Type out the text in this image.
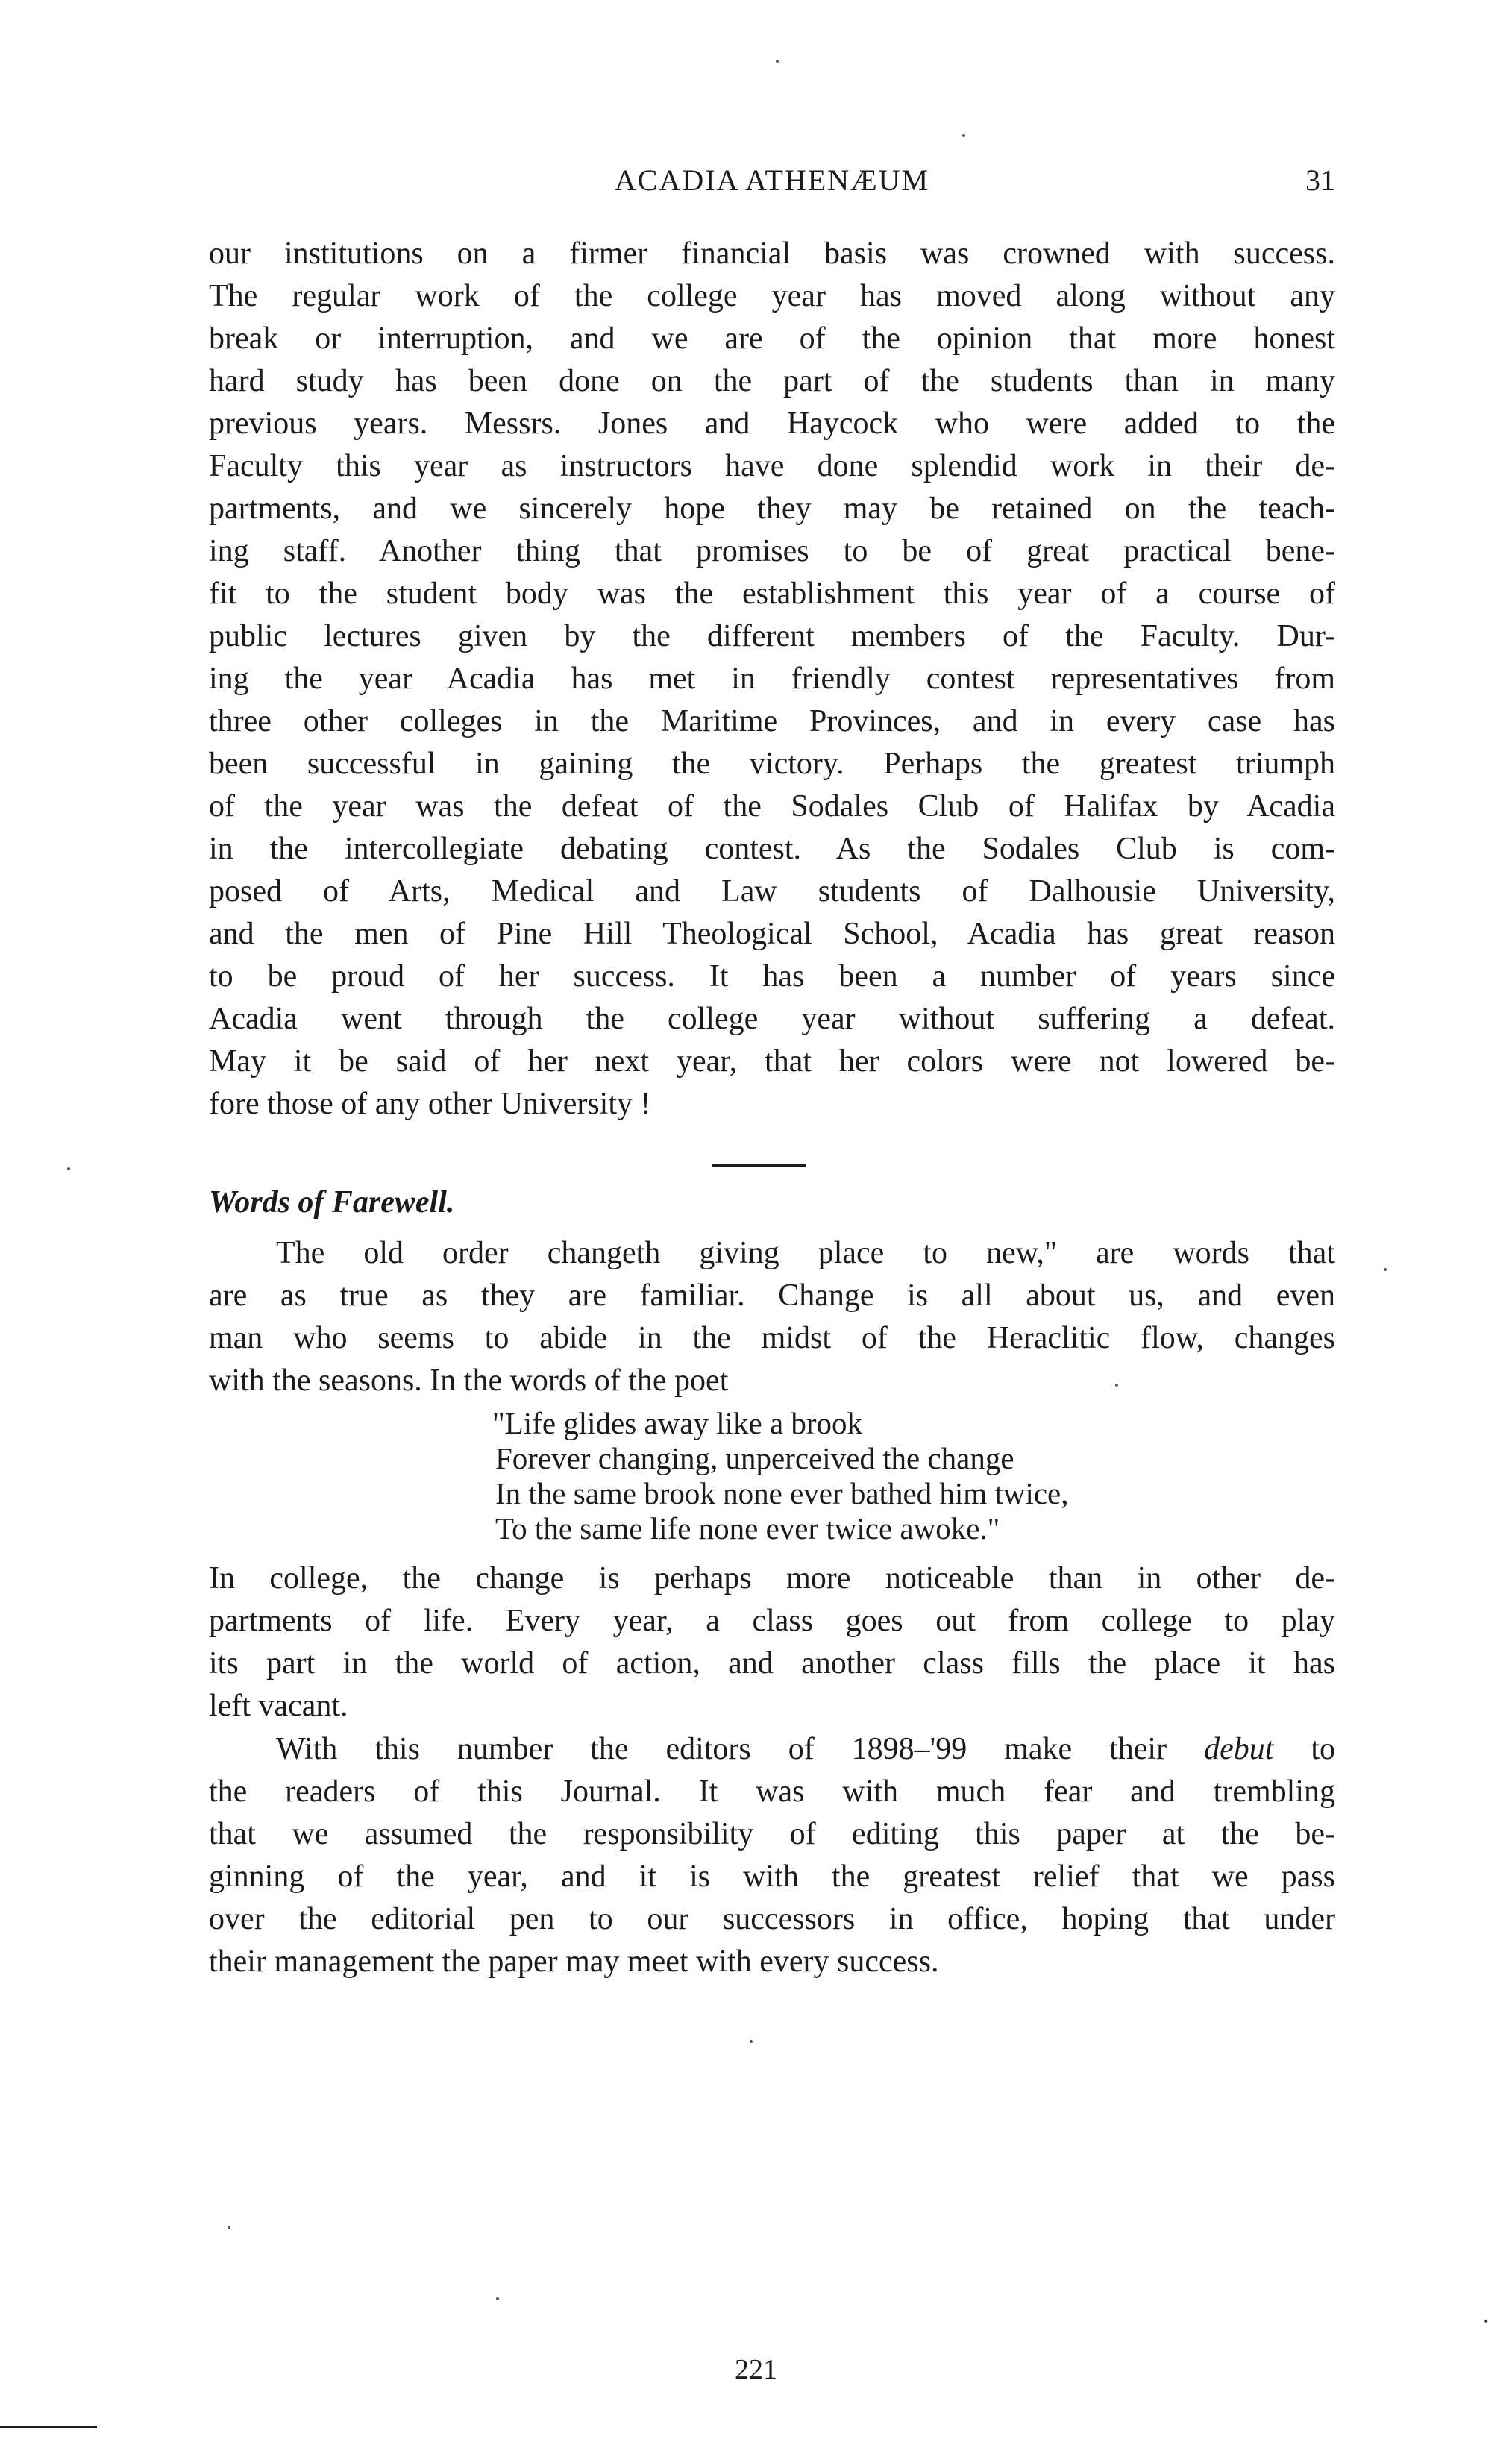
ACADIA ATHENÆUM	31
our institutions on a firmer financial basis was crowned with success.
The regular work of the college year has moved along without any
break or interruption, and we are of the opinion that more honest
hard study has been done on the part of the students than in many
previous years. Messrs. Jones and Haycock who were added to the
Faculty this year as instructors have done splendid work in their de-
partments, and we sincerely hope they may be retained on the teach-
ing staff. Another thing that promises to be of great practical bene-
fit to the student body was the establishment this year of a course of
public lectures given by the different members of the Faculty. Dur-
ing the year Acadia has met in friendly contest representatives from
three other colleges in the Maritime Provinces, and in every case has
been successful in gaining the victory. Perhaps the greatest triumph
of the year was the defeat of the Sodales Club of Halifax by Acadia
in the intercollegiate debating contest. As the Sodales Club is com-
posed of Arts, Medical and Law students of Dalhousie University,
and the men of Pine Hill Theological School, Acadia has great reason
to be proud of her success. It has been a number of years since
Acadia went through the college year without suffering a defeat.
May it be said of her next year, that her colors were not lowered be-
fore those of any other University !
Words of Farewell.
The old order changeth giving place to new," are words that
are as true as they are familiar. Change is all about us, and even
man who seems to abide in the midst of the Heraclitic flow, changes
with the seasons. In the words of the poet
"Life glides away like a brook
Forever changing, unperceived the change
In the same brook none ever bathed him twice,
To the same life none ever twice awoke."
In college, the change is perhaps more noticeable than in other de-
partments of life. Every year, a class goes out from college to play
its part in the world of action, and another class fills the place it has
left vacant.
With this number the editors of 1898–'99 make their debut to
the readers of this Journal. It was with much fear and trembling
that we assumed the responsibility of editing this paper at the be-
ginning of the year, and it is with the greatest relief that we pass
over the editorial pen to our successors in office, hoping that under
their management the paper may meet with every success.
221
